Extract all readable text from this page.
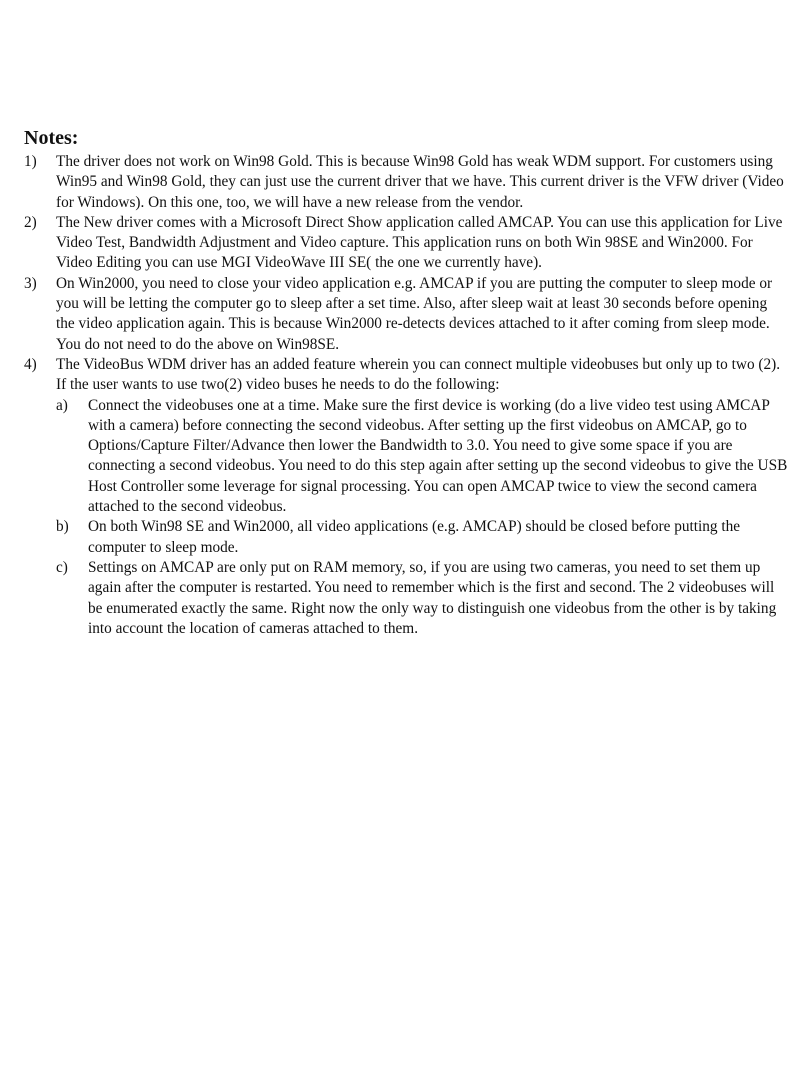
Notes:
1) The driver does not work on Win98 Gold. This is because Win98 Gold has weak WDM support. For customers using Win95 and Win98 Gold, they can just use the current driver that we have. This current driver is the VFW driver (Video for Windows). On this one, too, we will have a new release from the vendor.
2) The New driver comes with a Microsoft Direct Show application called AMCAP. You can use this application for Live Video Test, Bandwidth Adjustment and Video capture. This application runs on both Win 98SE and Win2000. For Video Editing you can use MGI VideoWave III SE( the one we currently have).
3) On Win2000, you need to close your video application e.g. AMCAP if you are putting the computer to sleep mode or you will be letting the computer go to sleep after a set time. Also, after sleep wait at least 30 seconds before opening the video application again. This is because Win2000 re-detects devices attached to it after coming from sleep mode. You do not need to do the above on Win98SE.
4) The VideoBus WDM driver has an added feature wherein you can connect multiple videobuses but only up to two (2). If the user wants to use two(2) video buses he needs to do the following:
a) Connect the videobuses one at a time. Make sure the first device is working (do a live video test using AMCAP with a camera) before connecting the second videobus. After setting up the first videobus on AMCAP, go to Options/Capture Filter/Advance then lower the Bandwidth to 3.0. You need to give some space if you are connecting a second videobus. You need to do this step again after setting up the second videobus to give the USB Host Controller some leverage for signal processing. You can open AMCAP twice to view the second camera attached to the second videobus.
b) On both Win98 SE and Win2000, all video applications (e.g. AMCAP) should be closed before putting the computer to sleep mode.
c) Settings on AMCAP are only put on RAM memory, so, if you are using two cameras, you need to set them up again after the computer is restarted. You need to remember which is the first and second. The 2 videobuses will be enumerated exactly the same. Right now the only way to distinguish one videobus from the other is by taking into account the location of cameras attached to them.
